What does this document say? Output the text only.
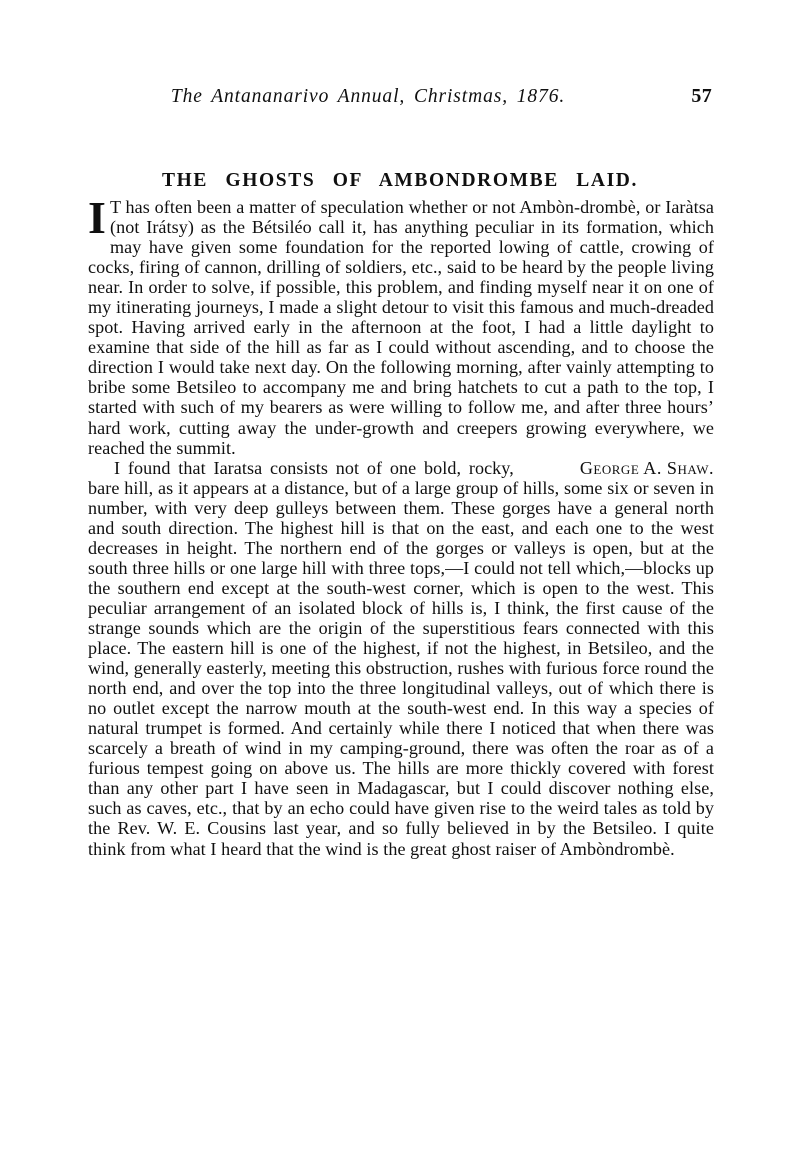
The Antananarivo Annual, Christmas, 1876.	57
THE GHOSTS OF AMBONDROMBE LAID.

I T has often been a matter of speculation whether or not Ambòn-drombè, or Iaràtsa (not Irátsy) as the Bétsiléo call it, has anything peculiar in its formation, which may have given some foundation for the reported lowing of cattle, crowing of cocks, firing of cannon, drilling of soldiers, etc., said to be heard by the people living near. In order to solve, if possible, this problem, and finding myself near it on one of my itinerating journeys, I made a slight detour to visit this famous and much-dreaded spot. Having arrived early in the afternoon at the foot, I had a little daylight to examine that side of the hill as far as I could without ascending, and to choose the direction I would take next day. On the following morning, after vainly attempting to bribe some Betsileo to accompany me and bring hatchets to cut a path to the top, I started with such of my bearers as were willing to follow me, and after three hours’ hard work, cutting away the under-growth and creepers growing everywhere, we reached the summit.

George A. Shaw.
I found that Iaratsa consists not of one bold, rocky, bare hill, as it appears at a distance, but of a large group of hills, some six or seven in number, with very deep gulleys between them. These gorges have a general north and south direction. The highest hill is that on the east, and each one to the west decreases in height. The northern end of the gorges or valleys is open, but at the south three hills or one large hill with three tops,—I could not tell which,—blocks up the southern end except at the south-west corner, which is open to the west. This peculiar arrangement of an isolated block of hills is, I think, the first cause of the strange sounds which are the origin of the superstitious fears connected with this place. The eastern hill is one of the highest, if not the highest, in Betsileo, and the wind, generally easterly, meeting this obstruction, rushes with furious force round the north end, and over the top into the three longitudinal valleys, out of which there is no outlet except the narrow mouth at the south-west end. In this way a species of natural trumpet is formed. And certainly while there I noticed that when there was scarcely a breath of wind in my camping-ground, there was often the roar as of a furious tempest going on above us. The hills are more thickly covered with forest than any other part I have seen in Madagascar, but I could discover nothing else, such as caves, etc., that by an echo could have given rise to the weird tales as told by the Rev. W. E. Cousins last year, and so fully believed in by the Betsileo. I quite think from what I heard that the wind is the great ghost raiser of Ambòndrombè.
